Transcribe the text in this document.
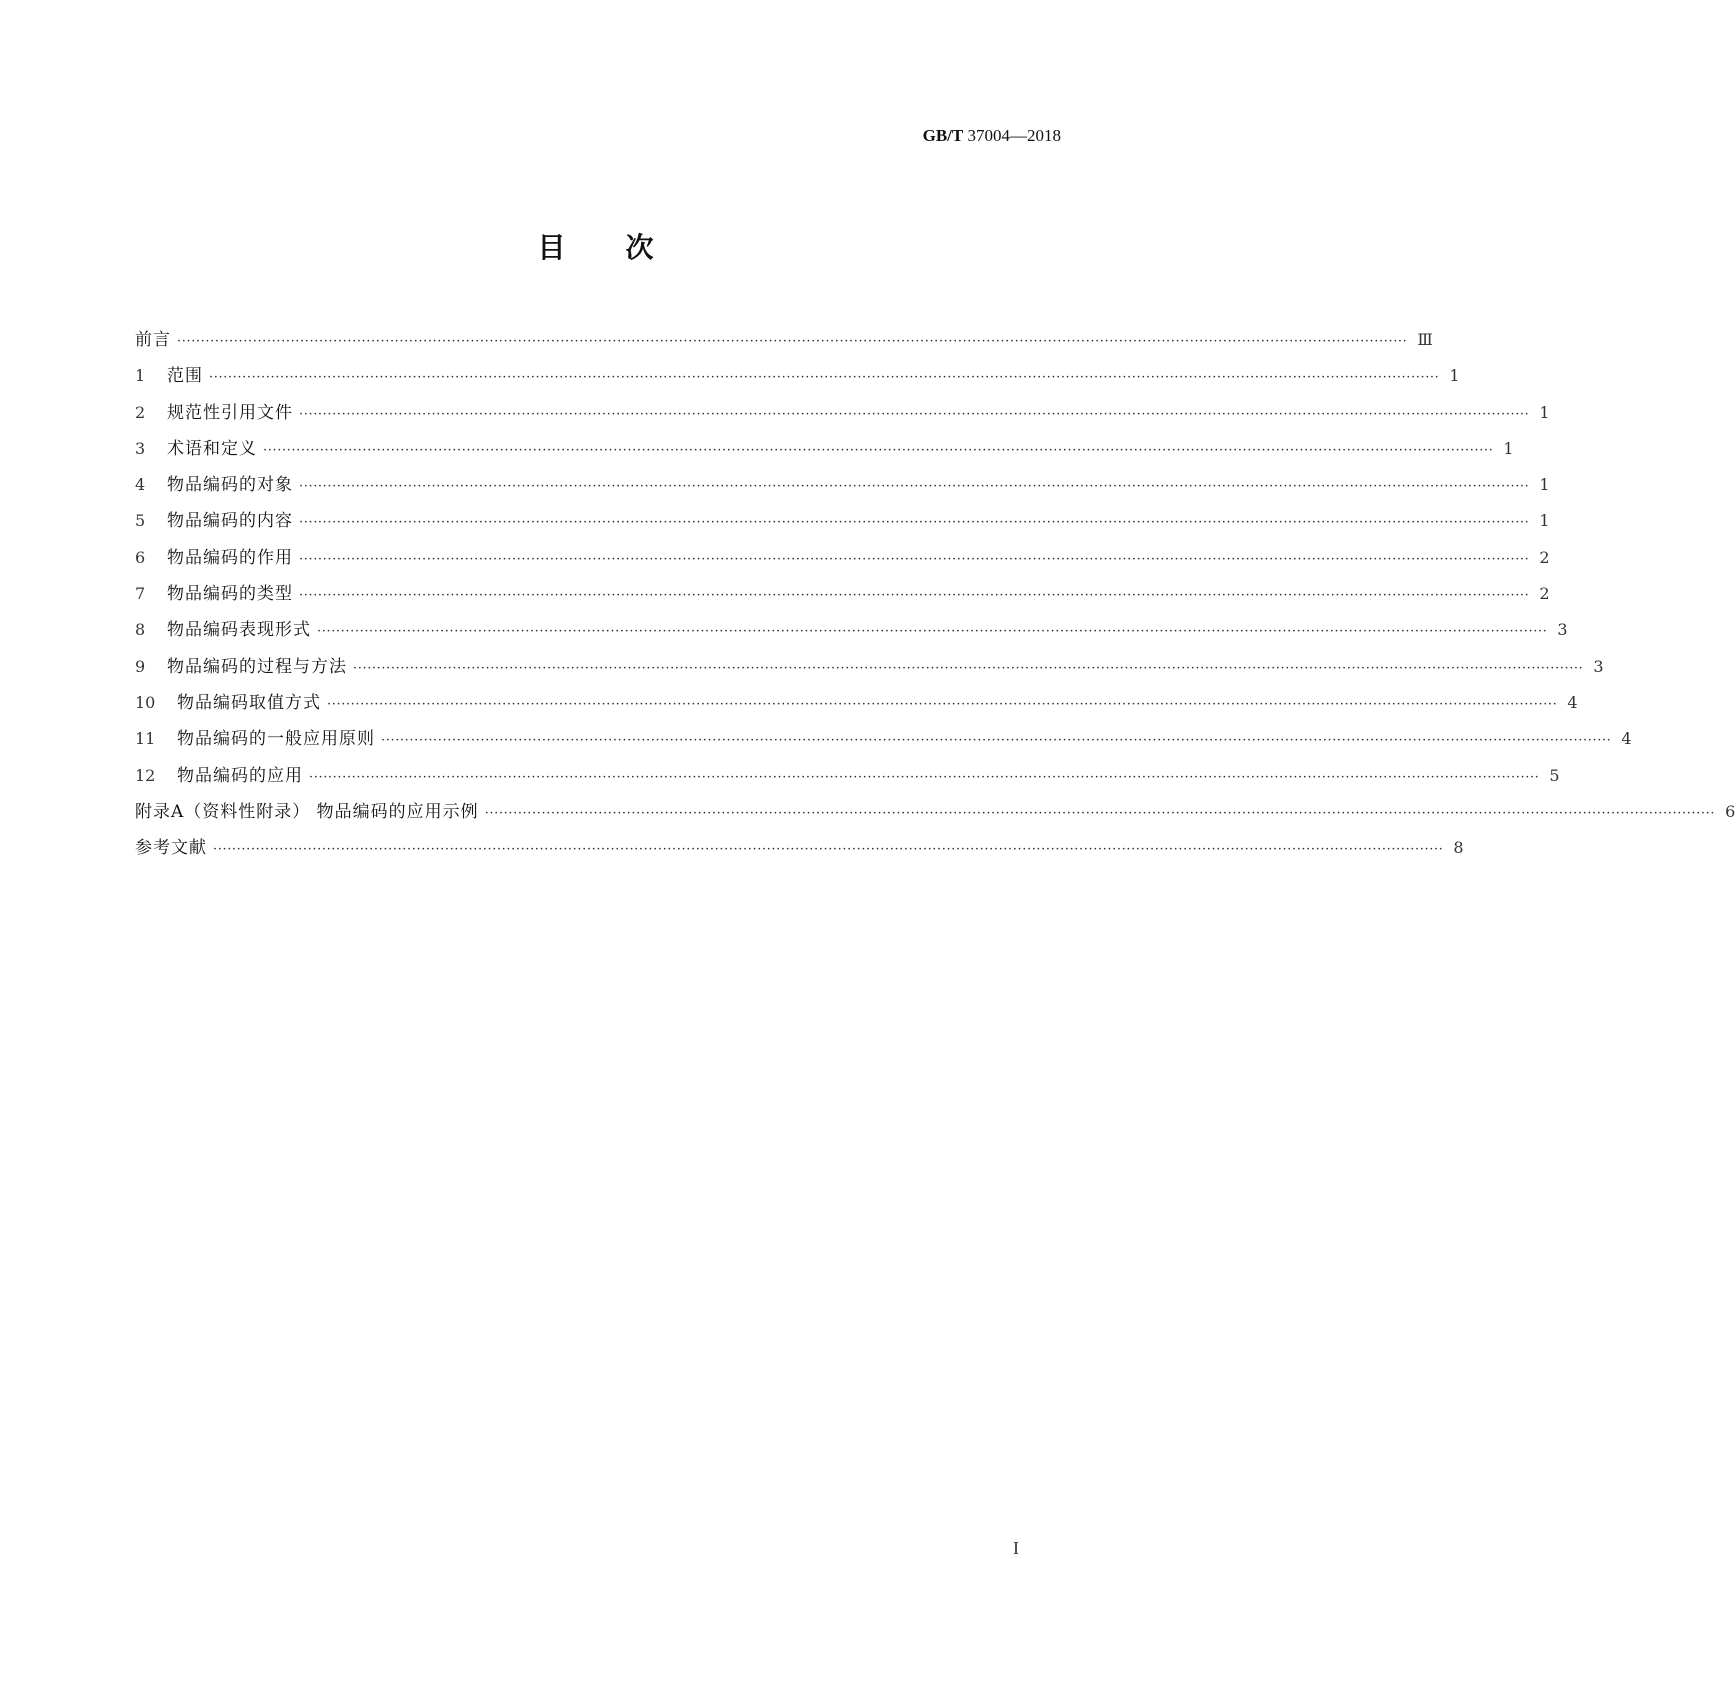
GB/T 37004—2018
目次
前言 ···································································································································································································································································· Ⅲ
1	范围 ···································································································································································································································································· 1
2	规范性引用文件 ···································································································································································································································································· 1
3	术语和定义 ···································································································································································································································································· 1
4	物品编码的对象 ···································································································································································································································································· 1
5	物品编码的内容 ···································································································································································································································································· 1
6	物品编码的作用 ···································································································································································································································································· 2
7	物品编码的类型 ···································································································································································································································································· 2
8	物品编码表现形式 ···································································································································································································································································· 3
9	物品编码的过程与方法 ···································································································································································································································································· 3
10	物品编码取值方式 ···································································································································································································································································· 4
11	物品编码的一般应用原则 ···································································································································································································································································· 4
12	物品编码的应用 ···································································································································································································································································· 5
附录A（资料性附录） 物品编码的应用示例 ···································································································································································································································································· 6
参考文献 ···································································································································································································································································· 8
I
